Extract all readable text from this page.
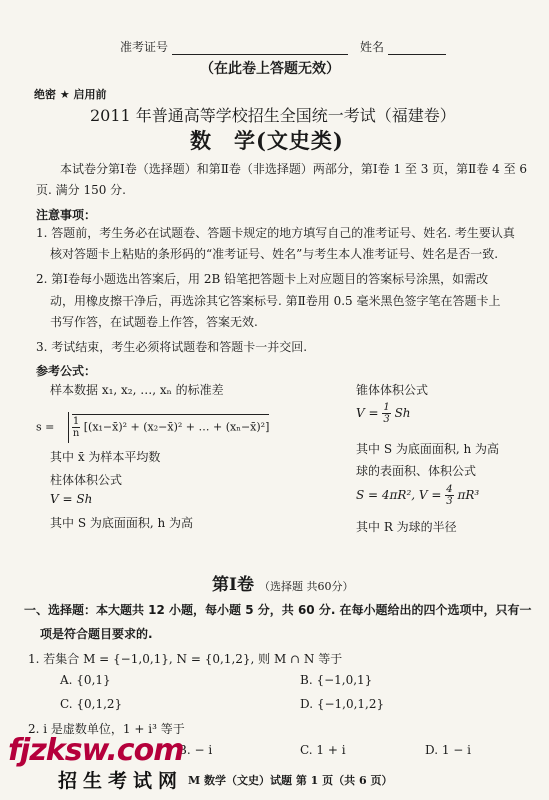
准考证号	姓名
（在此卷上答题无效）
绝密 ★ 启用前
2011 年普通高等学校招生全国统一考试（福建卷）
数　学(文史类)
本试卷分第Ⅰ卷（选择题）和第Ⅱ卷（非选择题）两部分，第Ⅰ卷 1 至 3 页，第Ⅱ卷 4 至 6
页. 满分 150 分.
注意事项：
1. 答题前，考生务必在试题卷、答题卡规定的地方填写自己的准考证号、姓名. 考生要认真
核对答题卡上粘贴的条形码的“准考证号、姓名”与考生本人准考证号、姓名是否一致.
2. 第Ⅰ卷每小题选出答案后，用 2B 铅笔把答题卡上对应题目的答案标号涂黑，如需改
动，用橡皮擦干净后，再选涂其它答案标号. 第Ⅱ卷用 0.5 毫米黑色签字笔在答题卡上
书写作答，在试题卷上作答，答案无效.
3. 考试结束，考生必须将试题卷和答题卡一并交回.
参考公式：
样本数据 x₁, x₂, …, xₙ 的标准差
$s = \frac{1}{n}$ [(x₁−x̄)² + (x₂−x̄)² + … + (xₙ−x̄)²]
其中 x̄ 为样本平均数
柱体体积公式
V = Sh
其中 S 为底面面积, h 为高
锥体体积公式
$V = \frac{1}{3}$ Sh
其中 S 为底面面积, h 为高
球的表面积、体积公式
S = 4πR², $V = \frac{4}{3} \pi R^3$
其中 R 为球的半径
第Ⅰ卷 （选择题 共60分）
一、选择题：本大题共 12 小题，每小题 5 分，共 60 分. 在每小题给出的四个选项中，只有一
项是符合题目要求的.
1. 若集合 M = {−1,0,1}, N = {0,1,2}, 则 M ∩ N 等于
A. {0,1}	B. {−1,0,1}
C. {0,1,2}	D. {−1,0,1,2}
2. i 是虚数单位，1 + i³ 等于
B. − i	C. 1 + i	D. 1 − i
fjzksw.com
招生考试网 M 数学（文史）试题 第 1 页（共 6 页）
